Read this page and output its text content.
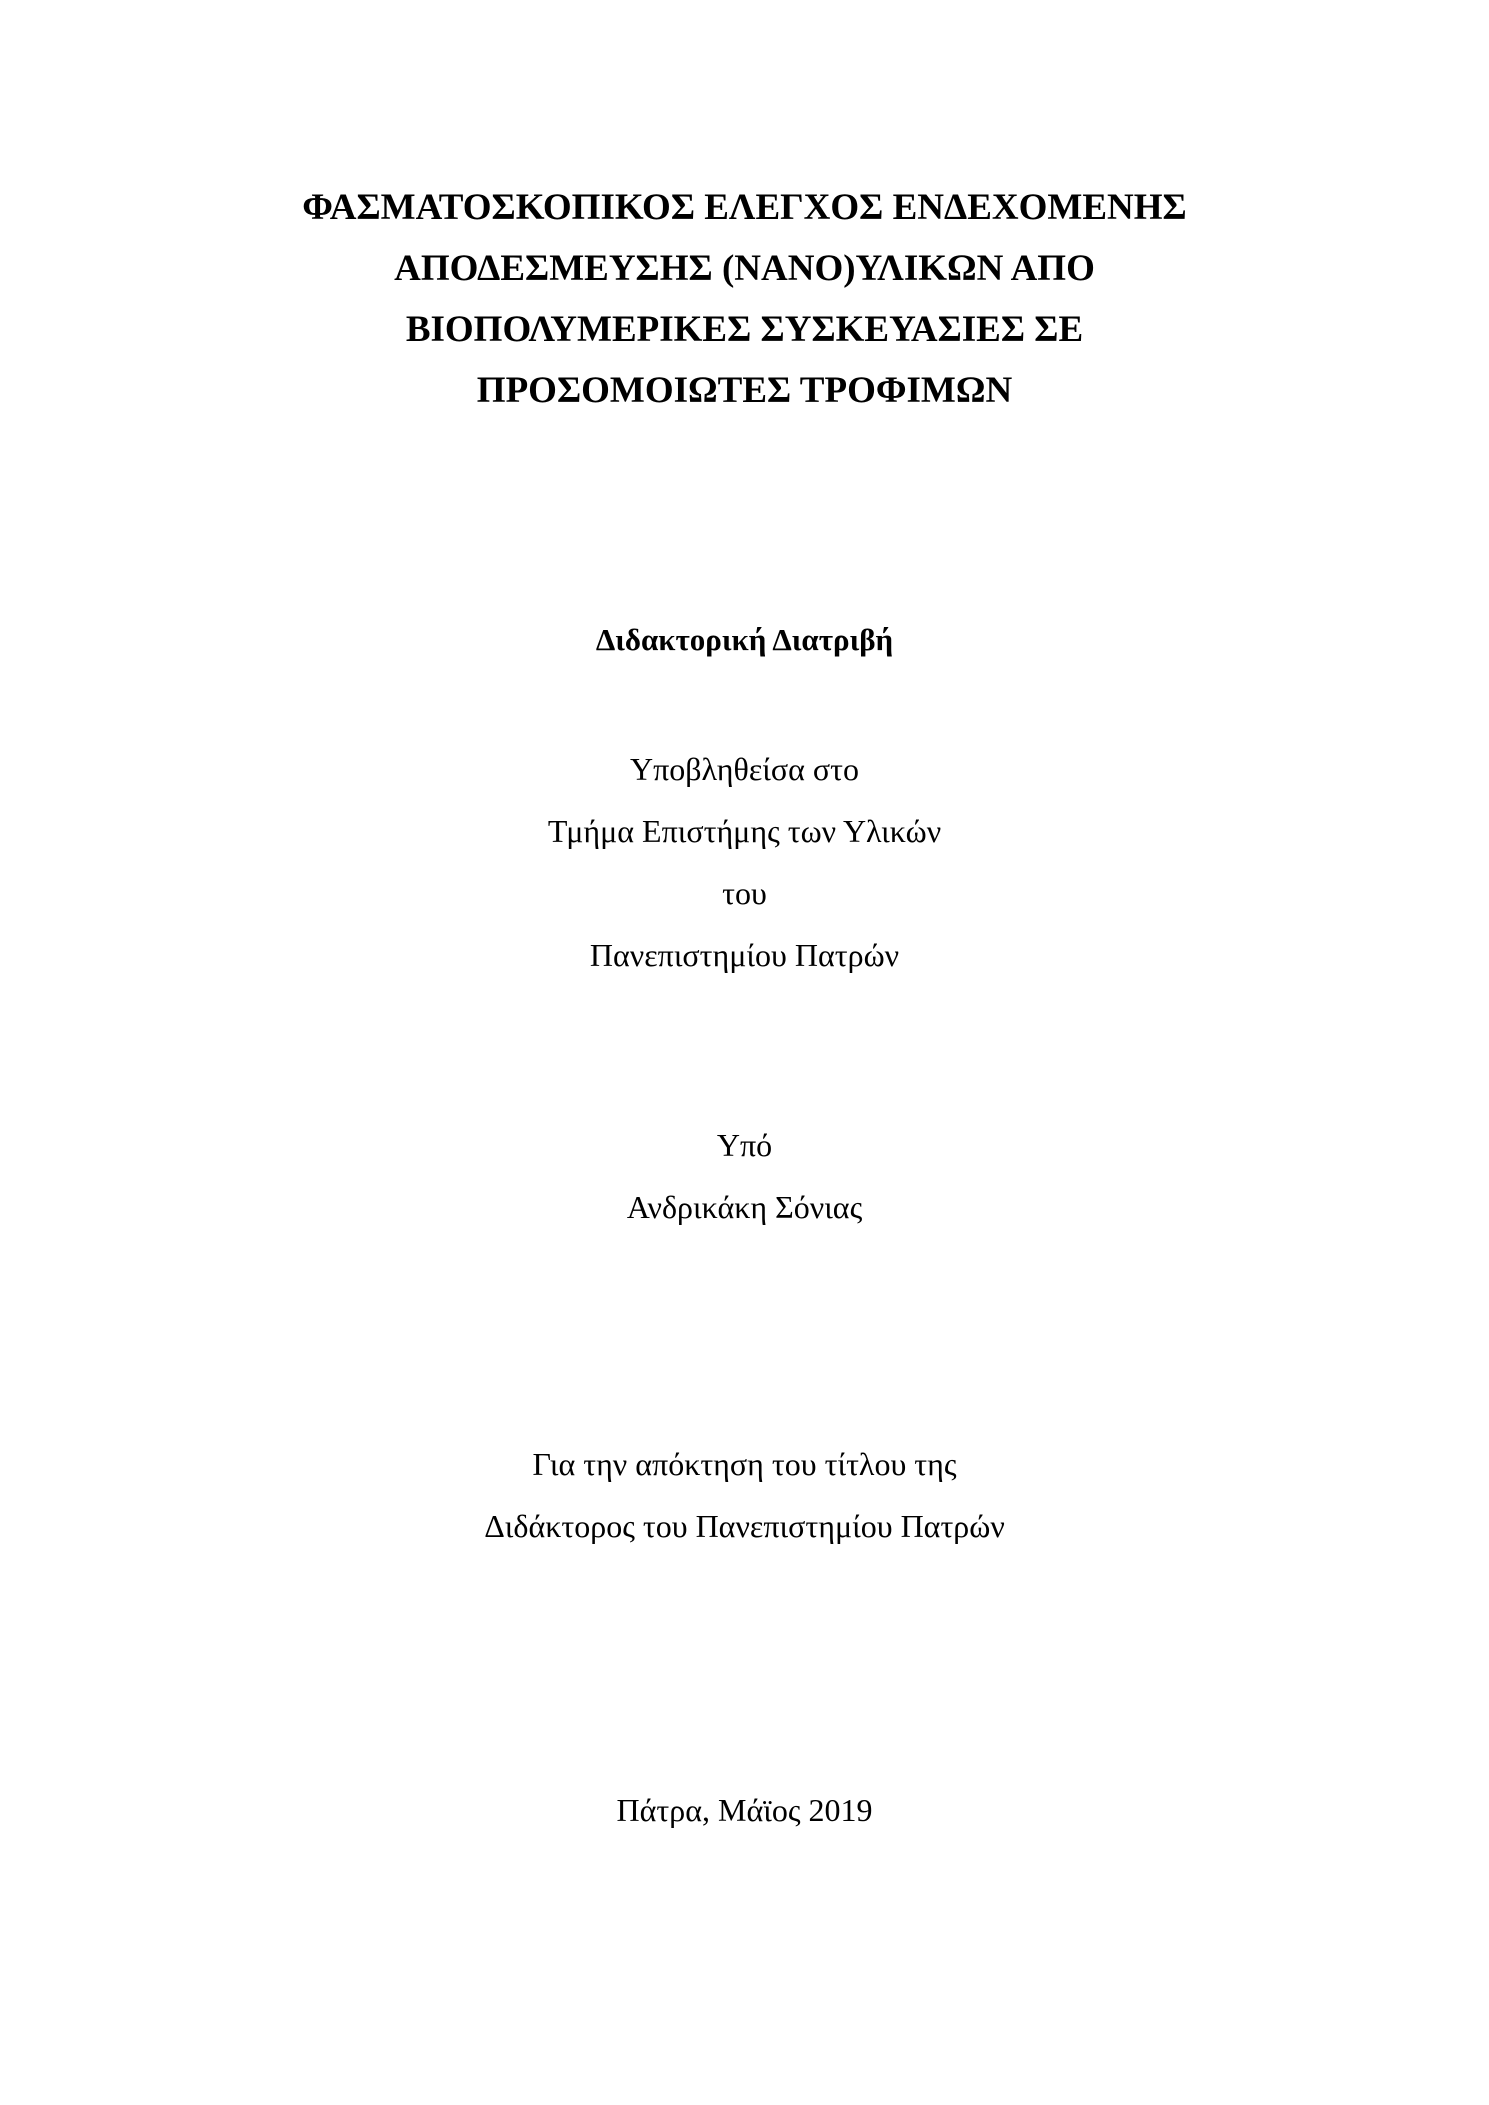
ΦΑΣΜΑΤΟΣΚΟΠΙΚΟΣ ΕΛΕΓΧΟΣ ΕΝΔΕΧΟΜΕΝΗΣ
ΑΠΟΔΕΣΜΕΥΣΗΣ (ΝΑΝΟ)ΥΛΙΚΩΝ ΑΠΟ
ΒΙΟΠΟΛΥΜΕΡΙΚΕΣ ΣΥΣΚΕΥΑΣΙΕΣ ΣΕ
ΠΡΟΣΟΜΟΙΩΤΕΣ ΤΡΟΦΙΜΩΝ
Διδακτορική Διατριβή
Υποβληθείσα στο
Τμήμα Επιστήμης των Υλικών
του
Πανεπιστημίου Πατρών
Υπό
Ανδρικάκη Σόνιας
Για την απόκτηση του τίτλου της
Διδάκτορος του Πανεπιστημίου Πατρών
Πάτρα, Μάϊος 2019
